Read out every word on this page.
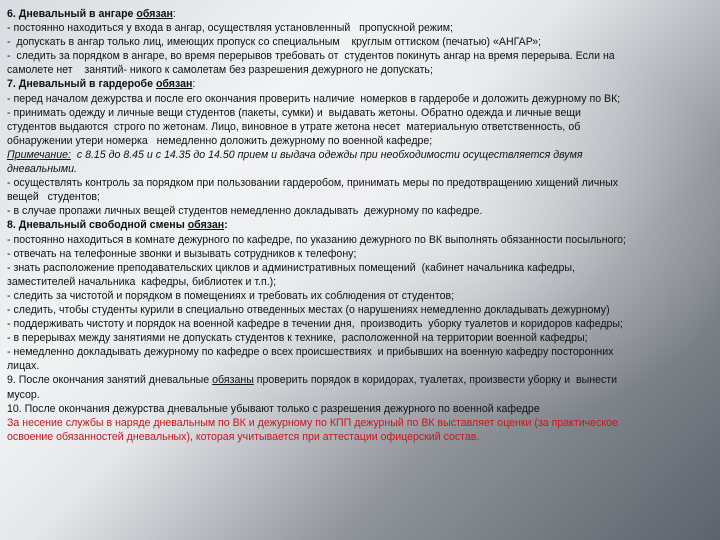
6. Дневальный в ангаре обязан:
- постоянно находиться у входа в ангар, осуществляя установленный   пропускной режим;
-  допускать в ангар только лиц, имеющих пропуск со специальным    круглым оттиском (печатью) «АНГАР»;
-  следить за порядком в ангаре, во время перерывов требовать от  студентов покинуть ангар на время перерыва. Если на
самолете нет    занятий- никого к самолетам без разрешения дежурного не допускать;
7. Дневальный в гардеробе обязан:
- перед началом дежурства и после его окончания проверить наличие  номерков в гардеробе и доложить дежурному по ВК;
- принимать одежду и личные вещи студентов (пакеты, сумки) и  выдавать жетоны. Обратно одежда и личные вещи
студентов выдаются  строго по жетонам. Лицо, виновное в утрате жетона несет  материальную ответственность, об
обнаружении утери номерка   немедленно доложить дежурному по военной кафедре;
Примечание:  с 8.15 до 8.45 и с 14.35 до 14.50 прием и выдача одежды при необходимости осуществляется двумя
дневальными.
- осуществлять контроль за порядком при пользовании гардеробом, принимать меры по предотвращению хищений личных
вещей   студентов;
- в случае пропажи личных вещей студентов немедленно докладывать  дежурному по кафедре.
8. Дневальный свободной смены обязан:
- постоянно находиться в комнате дежурного по кафедре, по указанию дежурного по ВК выполнять обязанности посыльного;
- отвечать на телефонные звонки и вызывать сотрудников к телефону;
- знать расположение преподавательских циклов и административных помещений  (кабинет начальника кафедры,
заместителей начальника  кафедры, библиотек и т.п.);
- следить за чистотой и порядком в помещениях и требовать их соблюдения от студентов;
- следить, чтобы студенты курили в специально отведенных местах (о нарушениях немедленно докладывать дежурному)
- поддерживать чистоту и порядок на военной кафедре в течении дня,  производить  уборку туалетов и коридоров кафедры;
- в перерывах между занятиями не допускать студентов к технике,  расположенной на территории военной кафедры;
- немедленно докладывать дежурному по кафедре о всех происшествиях  и прибывших на военную кафедру посторонних
лицах.
9. После окончания занятий дневальные обязаны проверить порядок в коридорах, туалетах, произвести уборку и  вынести
мусор.
10. После окончания дежурства дневальные убывают только с разрешения дежурного по военной кафедре
За несение службы в наряде дневальным по ВК и дежурному по КПП дежурный по ВК выставляет оценки (за практическое
освоение обязанностей дневальных), которая учитывается при аттестации офицерский состав.
